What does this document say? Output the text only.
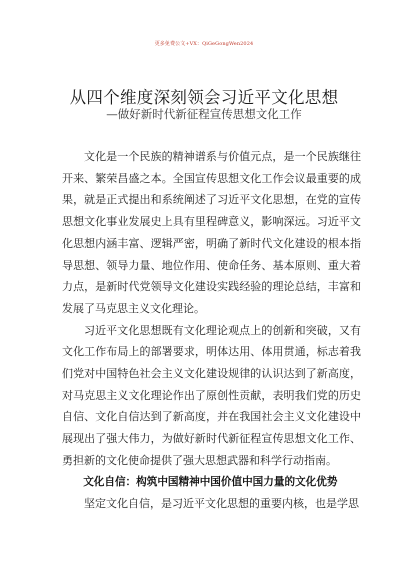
更多免费公文+VX：QiGeGongWen2024
从四个维度深刻领会习近平文化思想
—做好新时代新征程宣传思想文化工作

文化是一个民族的精神谱系与价值元点，是一个民族继往开来、繁荣昌盛之本。全国宣传思想文化工作会议最重要的成果，就是正式提出和系统阐述了习近平文化思想，在党的宣传思想文化事业发展史上具有里程碑意义，影响深远。习近平文化思想内涵丰富、逻辑严密，明确了新时代文化建设的根本指导思想、领导力量、地位作用、使命任务、基本原则、重大着力点，是新时代党领导文化建设实践经验的理论总结，丰富和发展了马克思主义文化理论。

习近平文化思想既有文化理论观点上的创新和突破，又有文化工作布局上的部署要求，明体达用、体用贯通，标志着我们党对中国特色社会主义文化建设规律的认识达到了新高度，对马克思主义文化理论作出了原创性贡献，表明我们党的历史自信、文化自信达到了新高度，并在我国社会主义文化建设中展现出了强大伟力，为做好新时代新征程宣传思想文化工作、勇担新的文化使命提供了强大思想武器和科学行动指南。

文化自信：构筑中国精神中国价值中国力量的文化优势

坚定文化自信，是习近平文化思想的重要内核，也是学思
